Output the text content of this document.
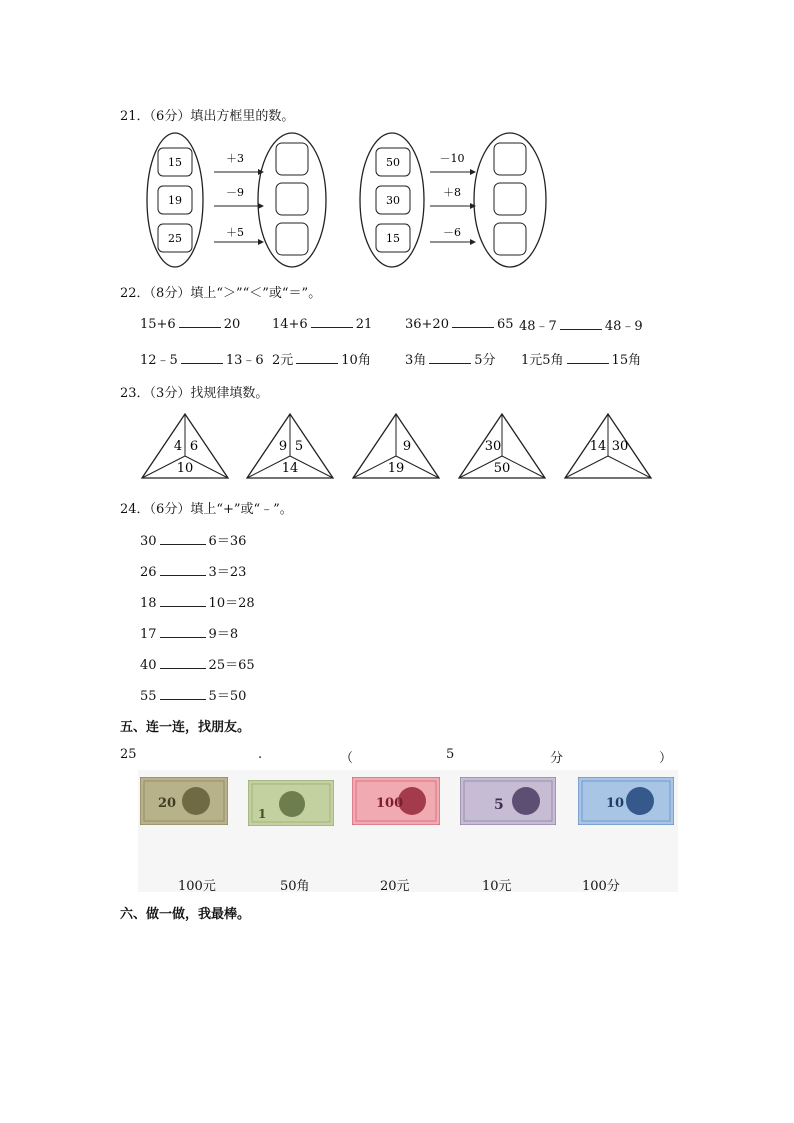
21．（6分）填出方框里的数。
15
19
25
＋3
－9
＋5
50
30
15
－10
＋8
－6
22．（8分）填上“＞”“＜”或“＝”。
15+6	20 14+6	21	36+20	65 48﹣7	48﹣9
12﹣5	13﹣6 2元	10角	3角	5分 1元5角	15角
23．（3分）找规律填数。
4 6
10
9 5
14
9
19
30
50
14 30
24．（6分）填上“+”或“﹣”。
30	6＝36
26	3＝23
18	10＝28
17	9＝8
40	25＝65
55	5＝50
五、连一连，找朋友。
25	.	（	5	分	）
20
1
100	5	10
100元	50角	20元	10元	100分
六、做一做，我最棒。
